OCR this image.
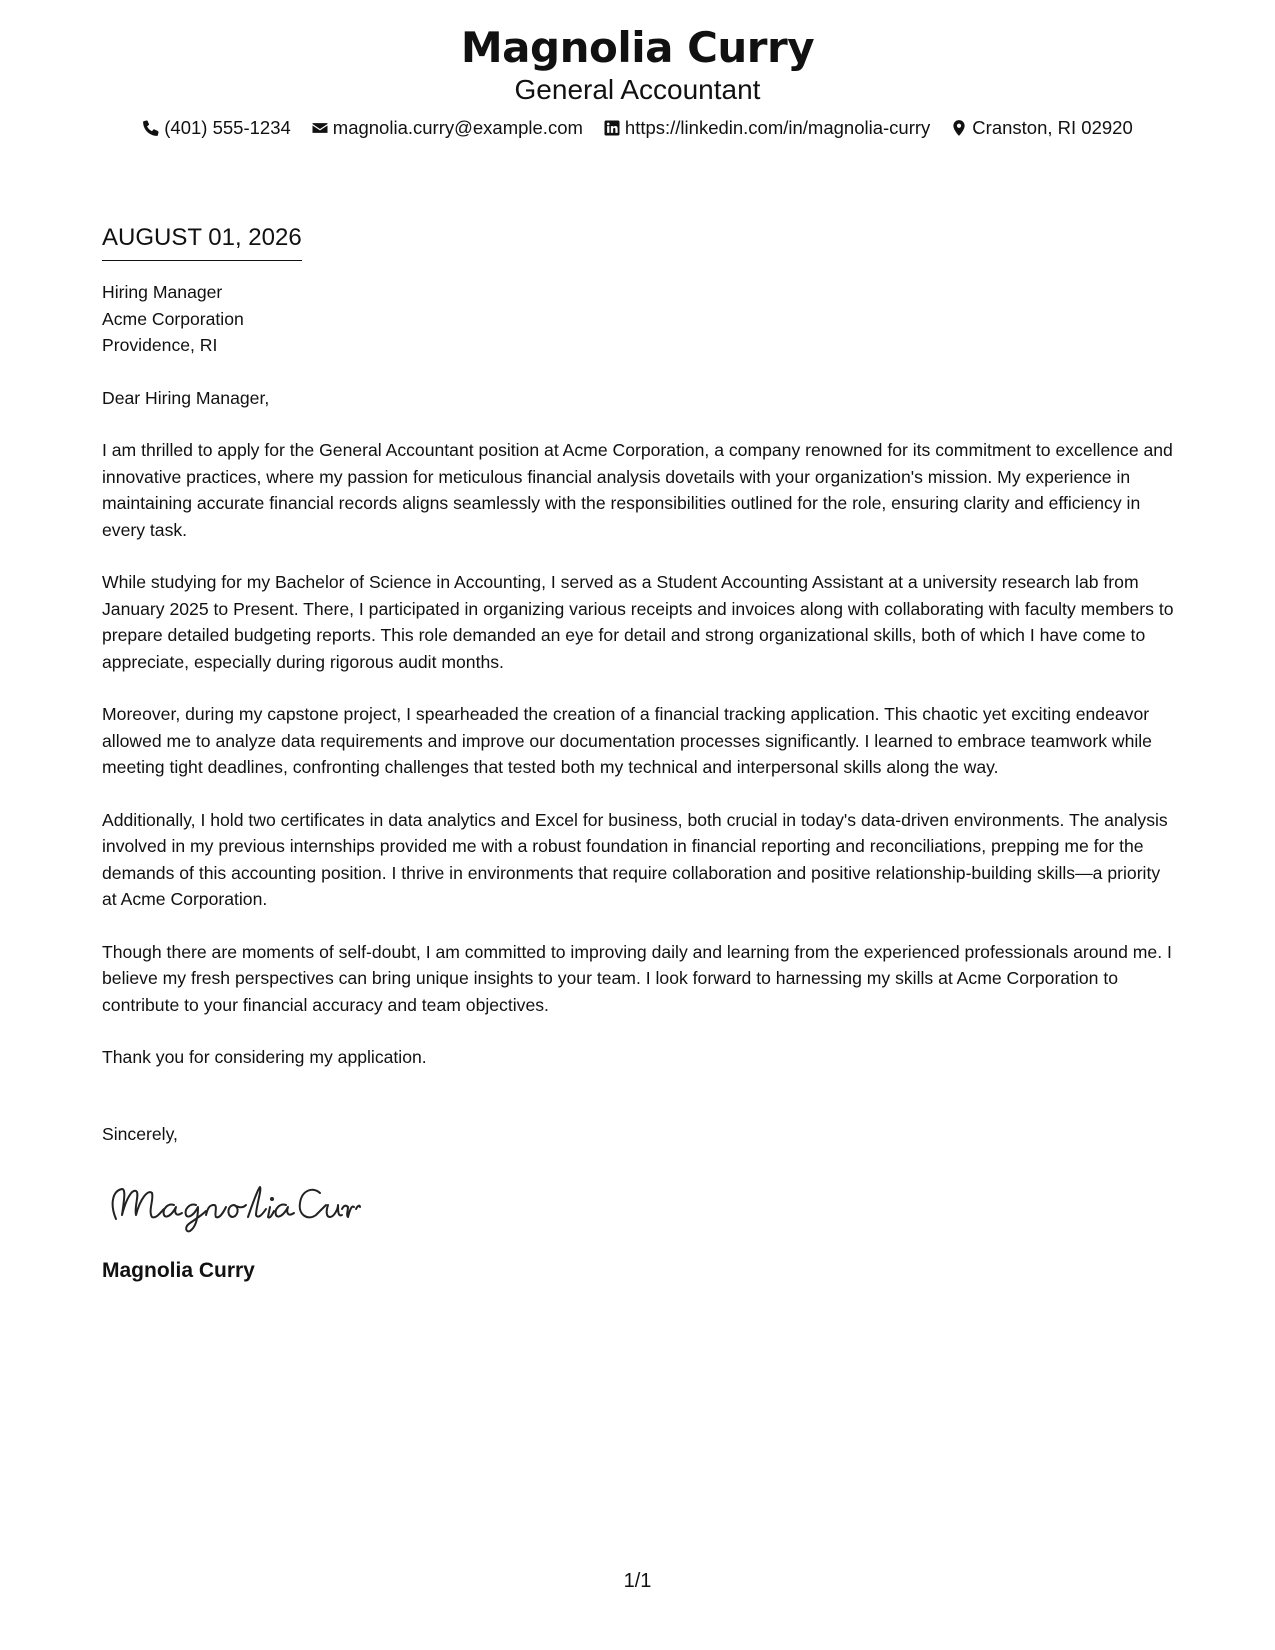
Magnolia Curry
General Accountant
(401) 555-1234 magnolia.curry@example.com https://linkedin.com/in/magnolia-curry Cranston, RI 02920
AUGUST 01, 2026
Hiring Manager
Acme Corporation
Providence, RI
Dear Hiring Manager,

I am thrilled to apply for the General Accountant position at Acme Corporation, a company renowned for its commitment to excellence and innovative practices, where my passion for meticulous financial analysis dovetails with your organization's mission. My experience in maintaining accurate financial records aligns seamlessly with the responsibilities outlined for the role, ensuring clarity and efficiency in every task.

While studying for my Bachelor of Science in Accounting, I served as a Student Accounting Assistant at a university research lab from January 2025 to Present. There, I participated in organizing various receipts and invoices along with collaborating with faculty members to prepare detailed budgeting reports. This role demanded an eye for detail and strong organizational skills, both of which I have come to appreciate, especially during rigorous audit months.

Moreover, during my capstone project, I spearheaded the creation of a financial tracking application. This chaotic yet exciting endeavor allowed me to analyze data requirements and improve our documentation processes significantly. I learned to embrace teamwork while meeting tight deadlines, confronting challenges that tested both my technical and interpersonal skills along the way.

Additionally, I hold two certificates in data analytics and Excel for business, both crucial in today's data-driven environments. The analysis involved in my previous internships provided me with a robust foundation in financial reporting and reconciliations, prepping me for the demands of this accounting position. I thrive in environments that require collaboration and positive relationship-building skills—a priority at Acme Corporation.

Though there are moments of self-doubt, I am committed to improving daily and learning from the experienced professionals around me. I believe my fresh perspectives can bring unique insights to your team. I look forward to harnessing my skills at Acme Corporation to contribute to your financial accuracy and team objectives.

Thank you for considering my application.

Sincerely,
Magnolia Curry
1/1
